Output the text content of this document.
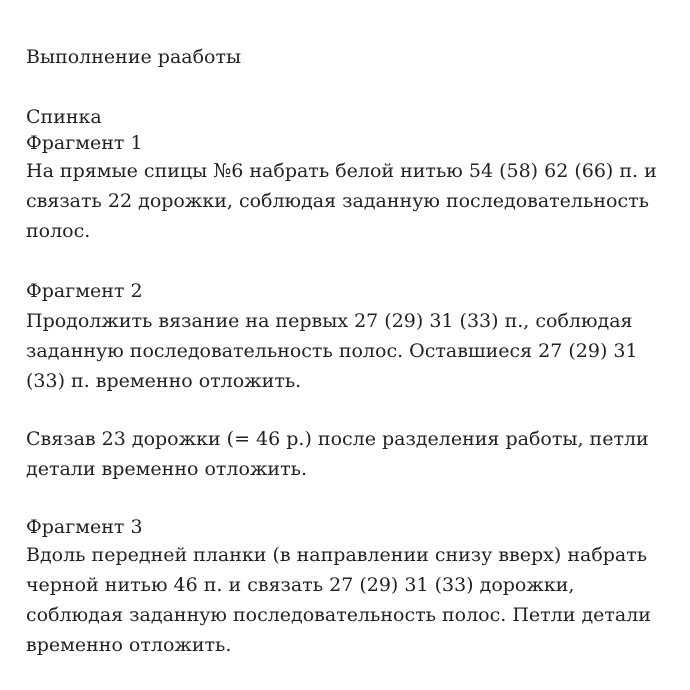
Выполнение рааботы
Спинка
Фрагмент 1
На прямые спицы №6 набрать белой нитью 54 (58) 62 (66) п. и
связать 22 дорожки, соблюдая заданную последовательность
полос.
Фрагмент 2
Продолжить вязание на первых 27 (29) 31 (33) п., соблюдая
заданную последовательность полос. Оставшиеся 27 (29) 31
(33) п. временно отложить.
Связав 23 дорожки (= 46 р.) после разделения работы, петли
детали временно отложить.
Фрагмент 3
Вдоль передней планки (в направлении снизу вверх) набрать
черной нитью 46 п. и связать 27 (29) 31 (33) дорожки,
соблюдая заданную последовательность полос. Петли детали
временно отложить.
